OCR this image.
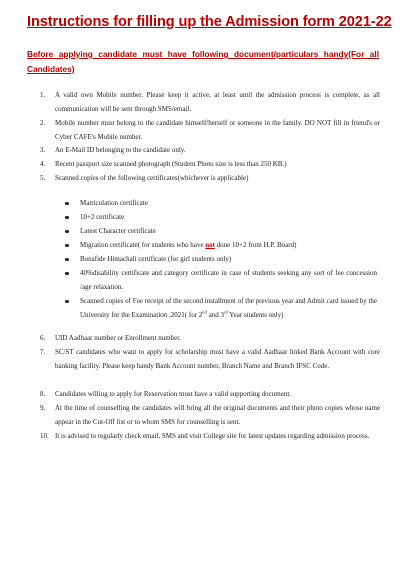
Instructions for filling up the Admission form 2021-22

Before applying candidate must have following document/particulars handy(For all Candidates)

1. A valid own Mobile number. Please keep it active, at least until the admission process is complete, as all communication will be sent through SMS/email.
2. Mobile number must belong to the candidate himself/herself or someone in the family. DO NOT fill in friend's or Cyber CAFE's Mobile number.
3. An E-Mail ID belonging to the candidate only.
4. Recent passport size scanned photograph (Student Photo size is less than 250 KB.)
5. Scanned copies of the following certificates(whichever is applicable)
Matriculation certificate
10+2 certificate
Latest Character certificate
Migration certificate( for students who have not done 10+2 from H.P. Board)
Bonafide Himachali certificate (for girl students only)
40%disability certificate and category certificate in case of students seeking any sort of fee concession /age relaxation.
Scanned copies of Fee receipt of the second installment of the previous year and Admit card issued by the University for the Examination ,2021( for 2nd and 3rd Year students only)
6. UID Aadhaar number or Enrollment number.
7. SC/ST candidates who want to apply for scholarship must have a valid Aadhaar linked Bank Account with core banking facility. Please keep handy Bank Account number, Branch Name and Branch IFSC Code.
8. Candidates willing to apply for Reservation must have a valid supporting document.
9. At the time of counselling the candidates will bring all the original documents and their photo copies whose name appear in the Cut-Off list or to whom SMS for counselling is sent.
10. It is advised to regularly check email, SMS and visit College site for latest updates regarding admission process.
